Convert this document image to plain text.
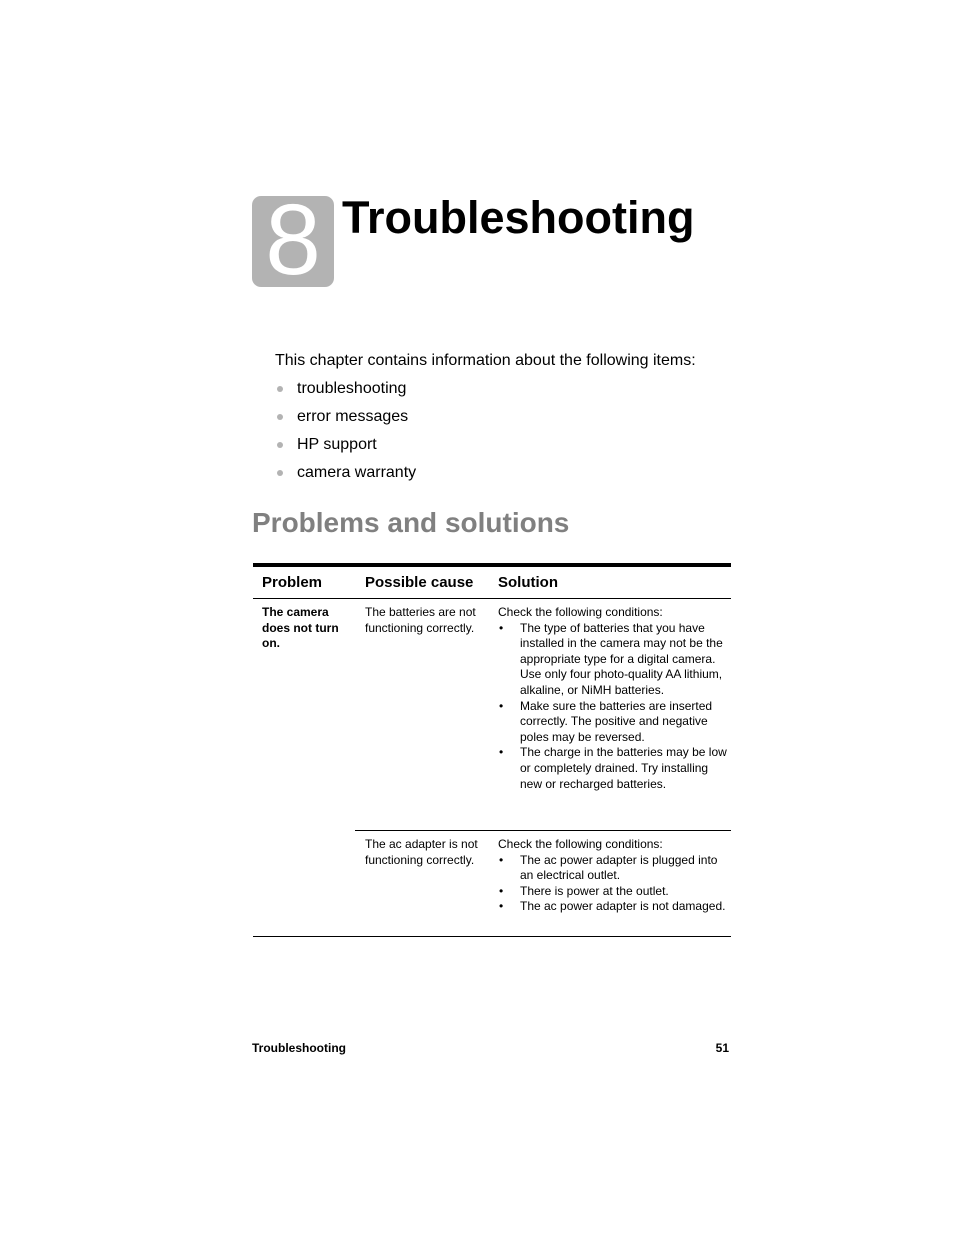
8 Troubleshooting

This chapter contains information about the following items:

troubleshooting
error messages
HP support
camera warranty
Problems and solutions
Problem	Possible cause Solution
The camera does not turn on.
The batteries are not functioning correctly.
Check the following conditions:
• The type of batteries that you have installed in the camera may not be the appropriate type for a digital camera. Use only four photo-quality AA lithium, alkaline, or NiMH batteries.
• Make sure the batteries are inserted correctly. The positive and negative poles may be reversed.
• The charge in the batteries may be low or completely drained. Try installing new or recharged batteries.
The ac adapter is not functioning correctly.
Check the following conditions:
• The ac power adapter is plugged into an electrical outlet.
• There is power at the outlet.
• The ac power adapter is not damaged.
Troubleshooting	51
